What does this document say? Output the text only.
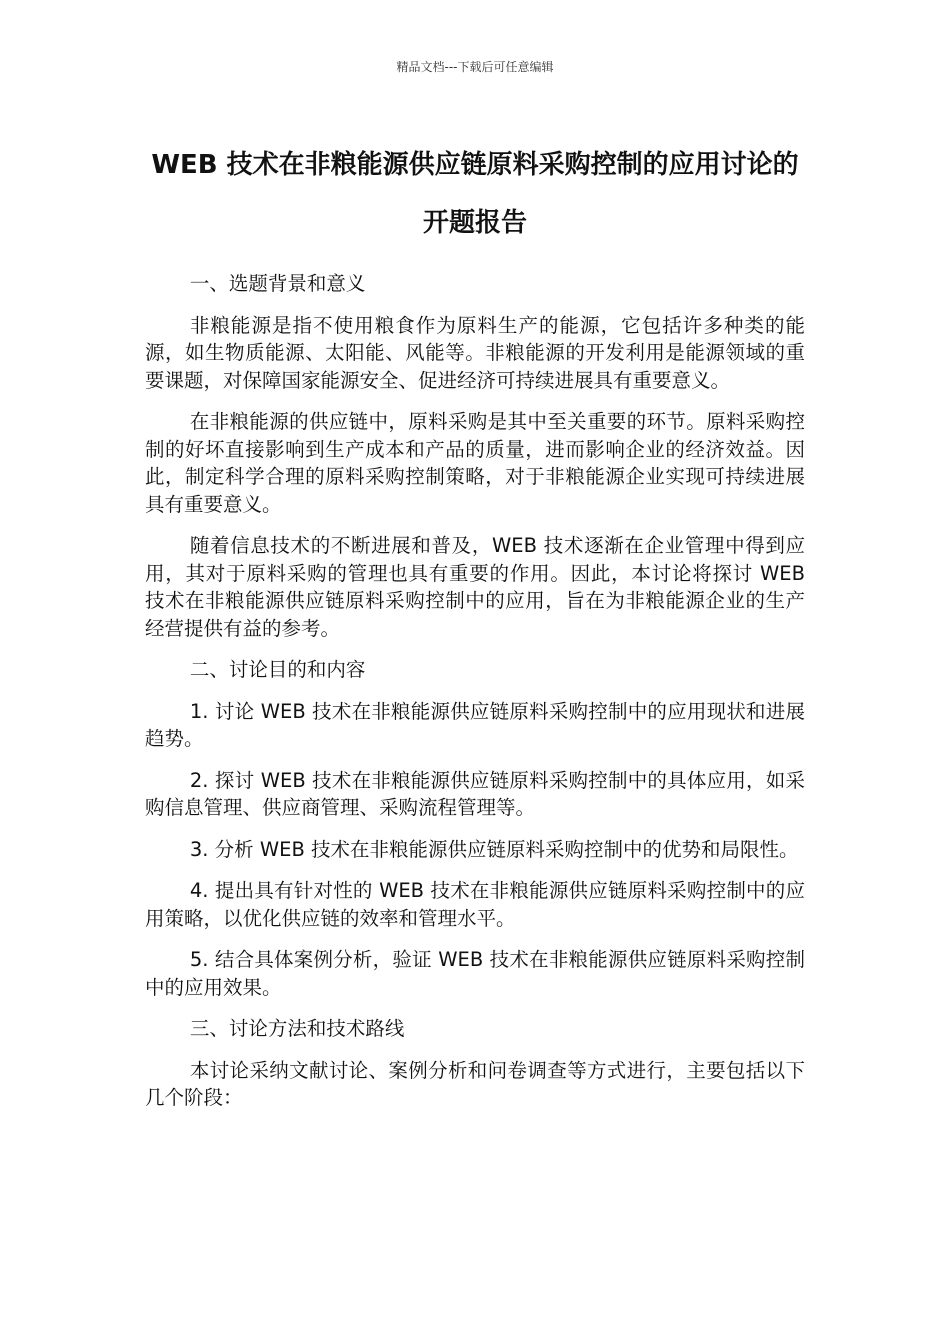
精品文档---下载后可任意编辑
WEB 技术在非粮能源供应链原料采购控制的应用讨论的开题报告

一、选题背景和意义

非粮能源是指不使用粮食作为原料生产的能源，它包括许多种类的能源，如生物质能源、太阳能、风能等。非粮能源的开发利用是能源领域的重要课题，对保障国家能源安全、促进经济可持续进展具有重要意义。

在非粮能源的供应链中，原料采购是其中至关重要的环节。原料采购控制的好坏直接影响到生产成本和产品的质量，进而影响企业的经济效益。因此，制定科学合理的原料采购控制策略，对于非粮能源企业实现可持续进展具有重要意义。

随着信息技术的不断进展和普及，WEB 技术逐渐在企业管理中得到应用，其对于原料采购的管理也具有重要的作用。因此，本讨论将探讨 WEB 技术在非粮能源供应链原料采购控制中的应用，旨在为非粮能源企业的生产经营提供有益的参考。

二、讨论目的和内容

1. 讨论 WEB 技术在非粮能源供应链原料采购控制中的应用现状和进展趋势。

2. 探讨 WEB 技术在非粮能源供应链原料采购控制中的具体应用，如采购信息管理、供应商管理、采购流程管理等。

3. 分析 WEB 技术在非粮能源供应链原料采购控制中的优势和局限性。

4. 提出具有针对性的 WEB 技术在非粮能源供应链原料采购控制中的应用策略，以优化供应链的效率和管理水平。

5. 结合具体案例分析，验证 WEB 技术在非粮能源供应链原料采购控制中的应用效果。

三、讨论方法和技术路线

本讨论采纳文献讨论、案例分析和问卷调查等方式进行，主要包括以下几个阶段：
